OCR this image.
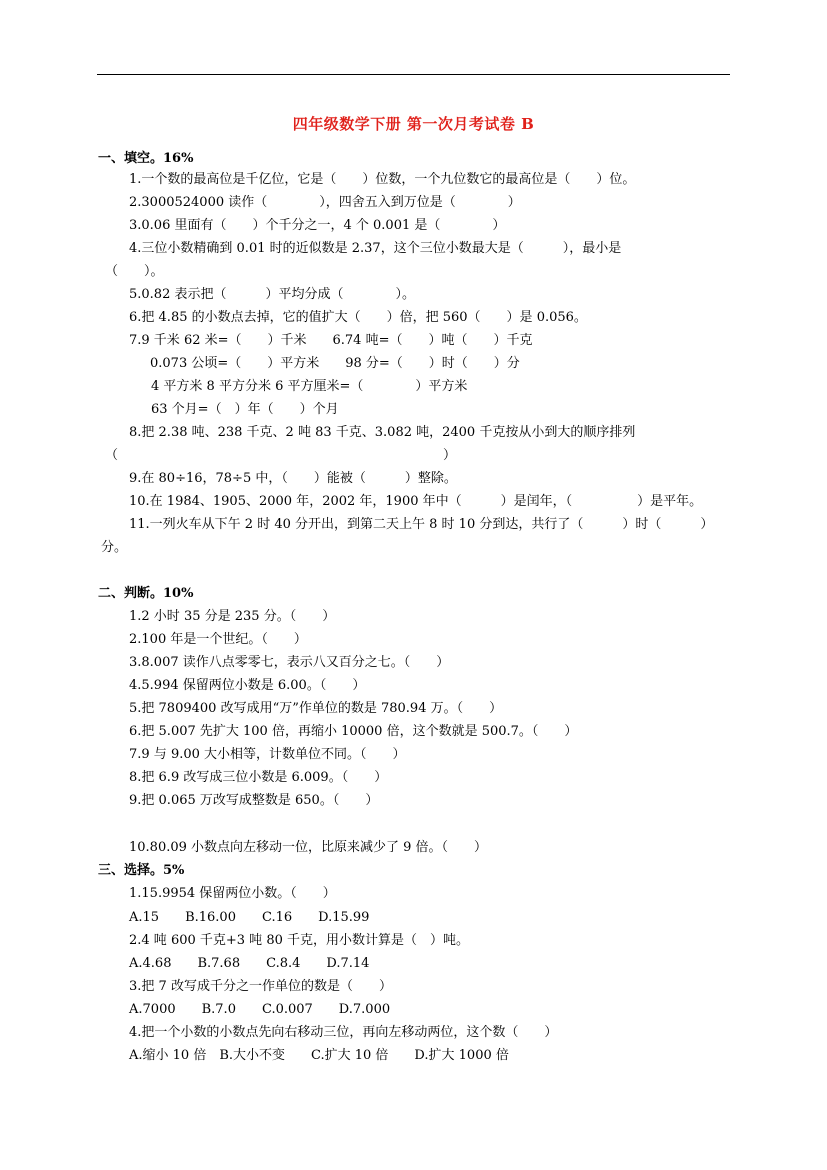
四年级数学下册 第一次月考试卷 B
一、填空。16%
1.一个数的最高位是千亿位，它是（　　）位数，一个九位数它的最高位是（　　）位。
2.3000524000 读作（　　　　），四舍五入到万位是（　　　　）
3.0.06 里面有（　　）个千分之一，4 个 0.001 是（　　　　）
4.三位小数精确到 0.01 时的近似数是 2.37，这个三位小数最大是（　　　），最小是
（　　）。
5.0.82 表示把（　　　）平均分成（　　　　）。
6.把 4.85 的小数点去掉，它的值扩大（　　）倍，把 560（　　）是 0.056。
7.9 千米 62 米=（　　）千米　　6.74 吨=（　　）吨（　　）千克
0.073 公顷=（　　）平方米　　98 分=（　　）时（　　）分
4 平方米 8 平方分米 6 平方厘米=（　　　　）平方米
63 个月=（　）年（　　）个月
8.把 2.38 吨、238 千克、2 吨 83 千克、3.082 吨，2400 千克按从小到大的顺序排列
（　　　　　　　　　　　　　　　　　　　　　　　　　）
9.在 80÷16，78÷5 中，（　　）能被（　　　）整除。
10.在 1984、1905、2000 年，2002 年，1900 年中（　　　）是闰年，（　　　　　）是平年。
11.一列火车从下午 2 时 40 分开出，到第二天上午 8 时 10 分到达，共行了（　　　）时（　　　）
分。
二、判断。10%
1.2 小时 35 分是 235 分。（　　）
2.100 年是一个世纪。（　　）
3.8.007 读作八点零零七，表示八又百分之七。（　　）
4.5.994 保留两位小数是 6.00。（　　）
5.把 7809400 改写成用“万”作单位的数是 780.94 万。（　　）
6.把 5.007 先扩大 100 倍，再缩小 10000 倍，这个数就是 500.7。（　　）
7.9 与 9.00 大小相等，计数单位不同。（　　）
8.把 6.9 改写成三位小数是 6.009。（　　）
9.把 0.065 万改写成整数是 650。（　　）
10.80.09 小数点向左移动一位，比原来减少了 9 倍。（　　）
三、选择。5%
1.15.9954 保留两位小数。（　　）
A.15　　B.16.00　　C.16　　D.15.99
2.4 吨 600 千克+3 吨 80 千克，用小数计算是（　）吨。
A.4.68　　B.7.68　　C.8.4　　D.7.14
3.把 7 改写成千分之一作单位的数是（　　）
A.7000　　B.7.0　　C.0.007　　D.7.000
4.把一个小数的小数点先向右移动三位，再向左移动两位，这个数（　　）
A.缩小 10 倍　B.大小不变　　C.扩大 10 倍　　D.扩大 1000 倍
